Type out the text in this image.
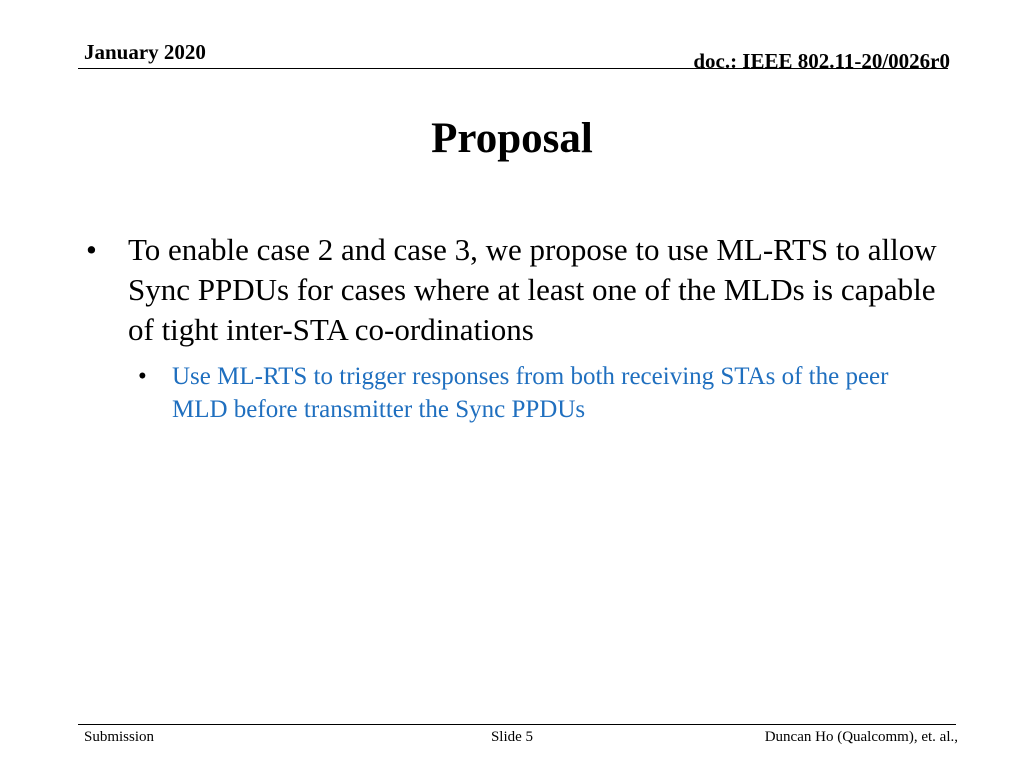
January 2020	doc.: IEEE 802.11-20/0026r0
Proposal
•	To enable case 2 and case 3, we propose to use ML-RTS to allow Sync PPDUs for cases where at least one of the MLDs is capable of tight inter-STA co-ordinations
•	Use ML-RTS to trigger responses from both receiving STAs of the peer MLD before transmitter the Sync PPDUs
Submission	Slide 5	Duncan Ho (Qualcomm), et. al.,
